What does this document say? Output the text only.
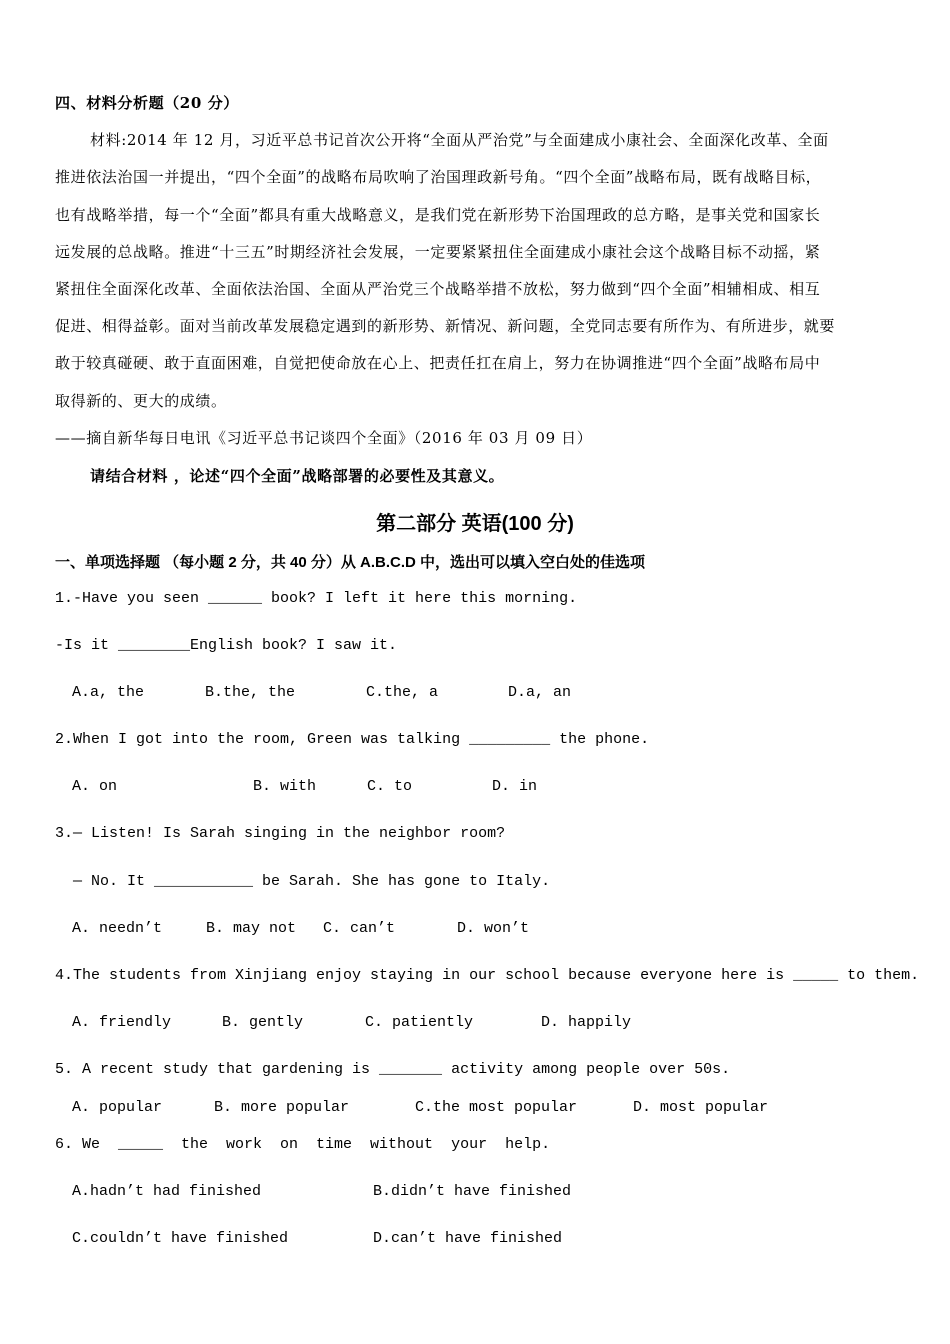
四、材料分析题（20 分）
材料:2014 年 12 月，习近平总书记首次公开将“全面从严治党”与全面建成小康社会、全面深化改革、全面
推进依法治国一并提出，“四个全面”的战略布局吹响了治国理政新号角。“四个全面”战略布局，既有战略目标，
也有战略举措，每一个“全面”都具有重大战略意义，是我们党在新形势下治国理政的总方略，是事关党和国家长
远发展的总战略。推进“十三五”时期经济社会发展，一定要紧紧扭住全面建成小康社会这个战略目标不动摇，紧
紧扭住全面深化改革、全面依法治国、全面从严治党三个战略举措不放松，努力做到“四个全面”相辅相成、相互
促进、相得益彰。面对当前改革发展稳定遇到的新形势、新情况、新问题，全党同志要有所作为、有所进步，就要
敢于较真碰硬、敢于直面困难，自觉把使命放在心上、把责任扛在肩上，努力在协调推进“四个全面”战略布局中
取得新的、更大的成绩。
——摘自新华每日电讯《习近平总书记谈四个全面》（2016 年 03 月 09 日）
请结合材料 ，论述“四个全面”战略部署的必要性及其意义。
第二部分 英语(100 分)
一、单项选择题 （每小题 2 分，共 40 分）从 A.B.C.D 中，选出可以填入空白处的佳选项
1.-Have you seen ______ book? I left it here this morning.
-Is it ________English book? I saw it.
A.a, the	B.the, the	C.the, a	D.a, an
2.When I got into the room, Green was talking _________ the phone.
A. on	B. with	C. to	D. in
3.— Listen! Is Sarah singing in the neighbor room?
— No. It ___________ be Sarah. She has gone to Italy.
A. needn’t	B. may not C. can’t	D. won’t
4.The students from Xinjiang enjoy staying in our school because everyone here is _____ to them.
A. friendly	B. gently	C. patiently	D. happily
5. A recent study that gardening is _______ activity among people over 50s.
A. popular	B. more popular	C.the most popular	D. most popular
6. We  _____  the  work  on  time  without  your  help.
A.hadn’t had finished	B.didn’t have finished
C.couldn’t have finished	D.can’t have finished
